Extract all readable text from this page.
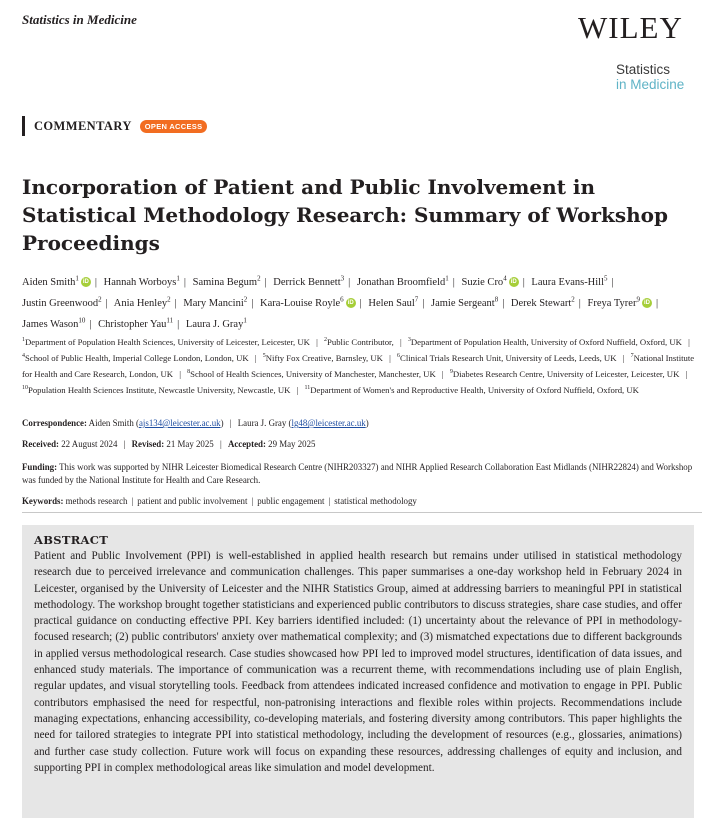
Statistics in Medicine	WILEY
Statistics
in Medicine
COMMENTARY	OPEN ACCESS
Incorporation of Patient and Public Involvement in Statistical Methodology Research: Summary of Workshop Proceedings
Aiden Smith$^1$iD | Hannah Worboys$^1$ | Samina Begum$^2$ | Derrick Bennett$^3$ | Jonathan Broomfield$^1$ | Suzie Cro$^4$iD | Laura Evans-Hill$^5$ | Justin Greenwood$^2$ | Ania Henley$^2$ | Mary Mancini$^2$ | Kara-Louise Royle$^6$iD | Helen Saul$^7$ | Jamie Sergeant$^8$ | Derek Stewart$^2$ | Freya Tyrer$^9$iD | James Wason$^{10}$ | Christopher Yau$^{11}$ | Laura J. Gray$^1$
$^1$Department of Population Health Sciences, University of Leicester, Leicester, UK | $^2$Public Contributor, | $^3$Department of Population Health, University of Oxford Nuffield, Oxford, UK | $^4$School of Public Health, Imperial College London, London, UK | $^5$Nifty Fox Creative, Barnsley, UK | $^6$Clinical Trials Research Unit, University of Leeds, Leeds, UK | $^7$National Institute for Health and Care Research, London, UK | $^8$School of Health Sciences, University of Manchester, Manchester, UK | $^9$Diabetes Research Centre, University of Leicester, Leicester, UK | $^{10}$Population Health Sciences Institute, Newcastle University, Newcastle, UK | $^{11}$Department of Women's and Reproductive Health, University of Oxford Nuffield, Oxford, UK
Correspondence: Aiden Smith (ajs134@leicester.ac.uk) | Laura J. Gray (lg48@leicester.ac.uk)
Received: 22 August 2024 | Revised: 21 May 2025 | Accepted: 29 May 2025
Funding: This work was supported by NIHR Leicester Biomedical Research Centre (NIHR203327) and NIHR Applied Research Collaboration East Midlands (NIHR22824) and Workshop was funded by the National Institute for Health and Care Research.
Keywords: methods research | patient and public involvement | public engagement | statistical methodology
ABSTRACT

Patient and Public Involvement (PPI) is well-established in applied health research but remains under utilised in statistical methodology research due to perceived irrelevance and communication challenges. This paper summarises a one-day workshop held in February 2024 in Leicester, organised by the University of Leicester and the NIHR Statistics Group, aimed at addressing barriers to meaningful PPI in statistical methodology. The workshop brought together statisticians and experienced public contributors to discuss strategies, share case studies, and offer practical guidance on conducting effective PPI. Key barriers identified included: (1) uncertainty about the relevance of PPI in methodology-focused research; (2) public contributors' anxiety over mathematical complexity; and (3) mismatched expectations due to different backgrounds in applied versus methodological research. Case studies showcased how PPI led to improved model structures, identification of data issues, and enhanced study materials. The importance of communication was a recurrent theme, with recommendations including use of plain English, regular updates, and visual storytelling tools. Feedback from attendees indicated increased confidence and motivation to engage in PPI. Public contributors emphasised the need for respectful, non-patronising interactions and flexible roles within projects. Recommendations include managing expectations, enhancing accessibility, co-developing materials, and fostering diversity among contributors. This paper highlights the need for tailored strategies to integrate PPI into statistical methodology, including the development of resources (e.g., glossaries, animations) and further case study collection. Future work will focus on expanding these resources, addressing challenges of equity and inclusion, and supporting PPI in complex methodological areas like simulation and model development.
